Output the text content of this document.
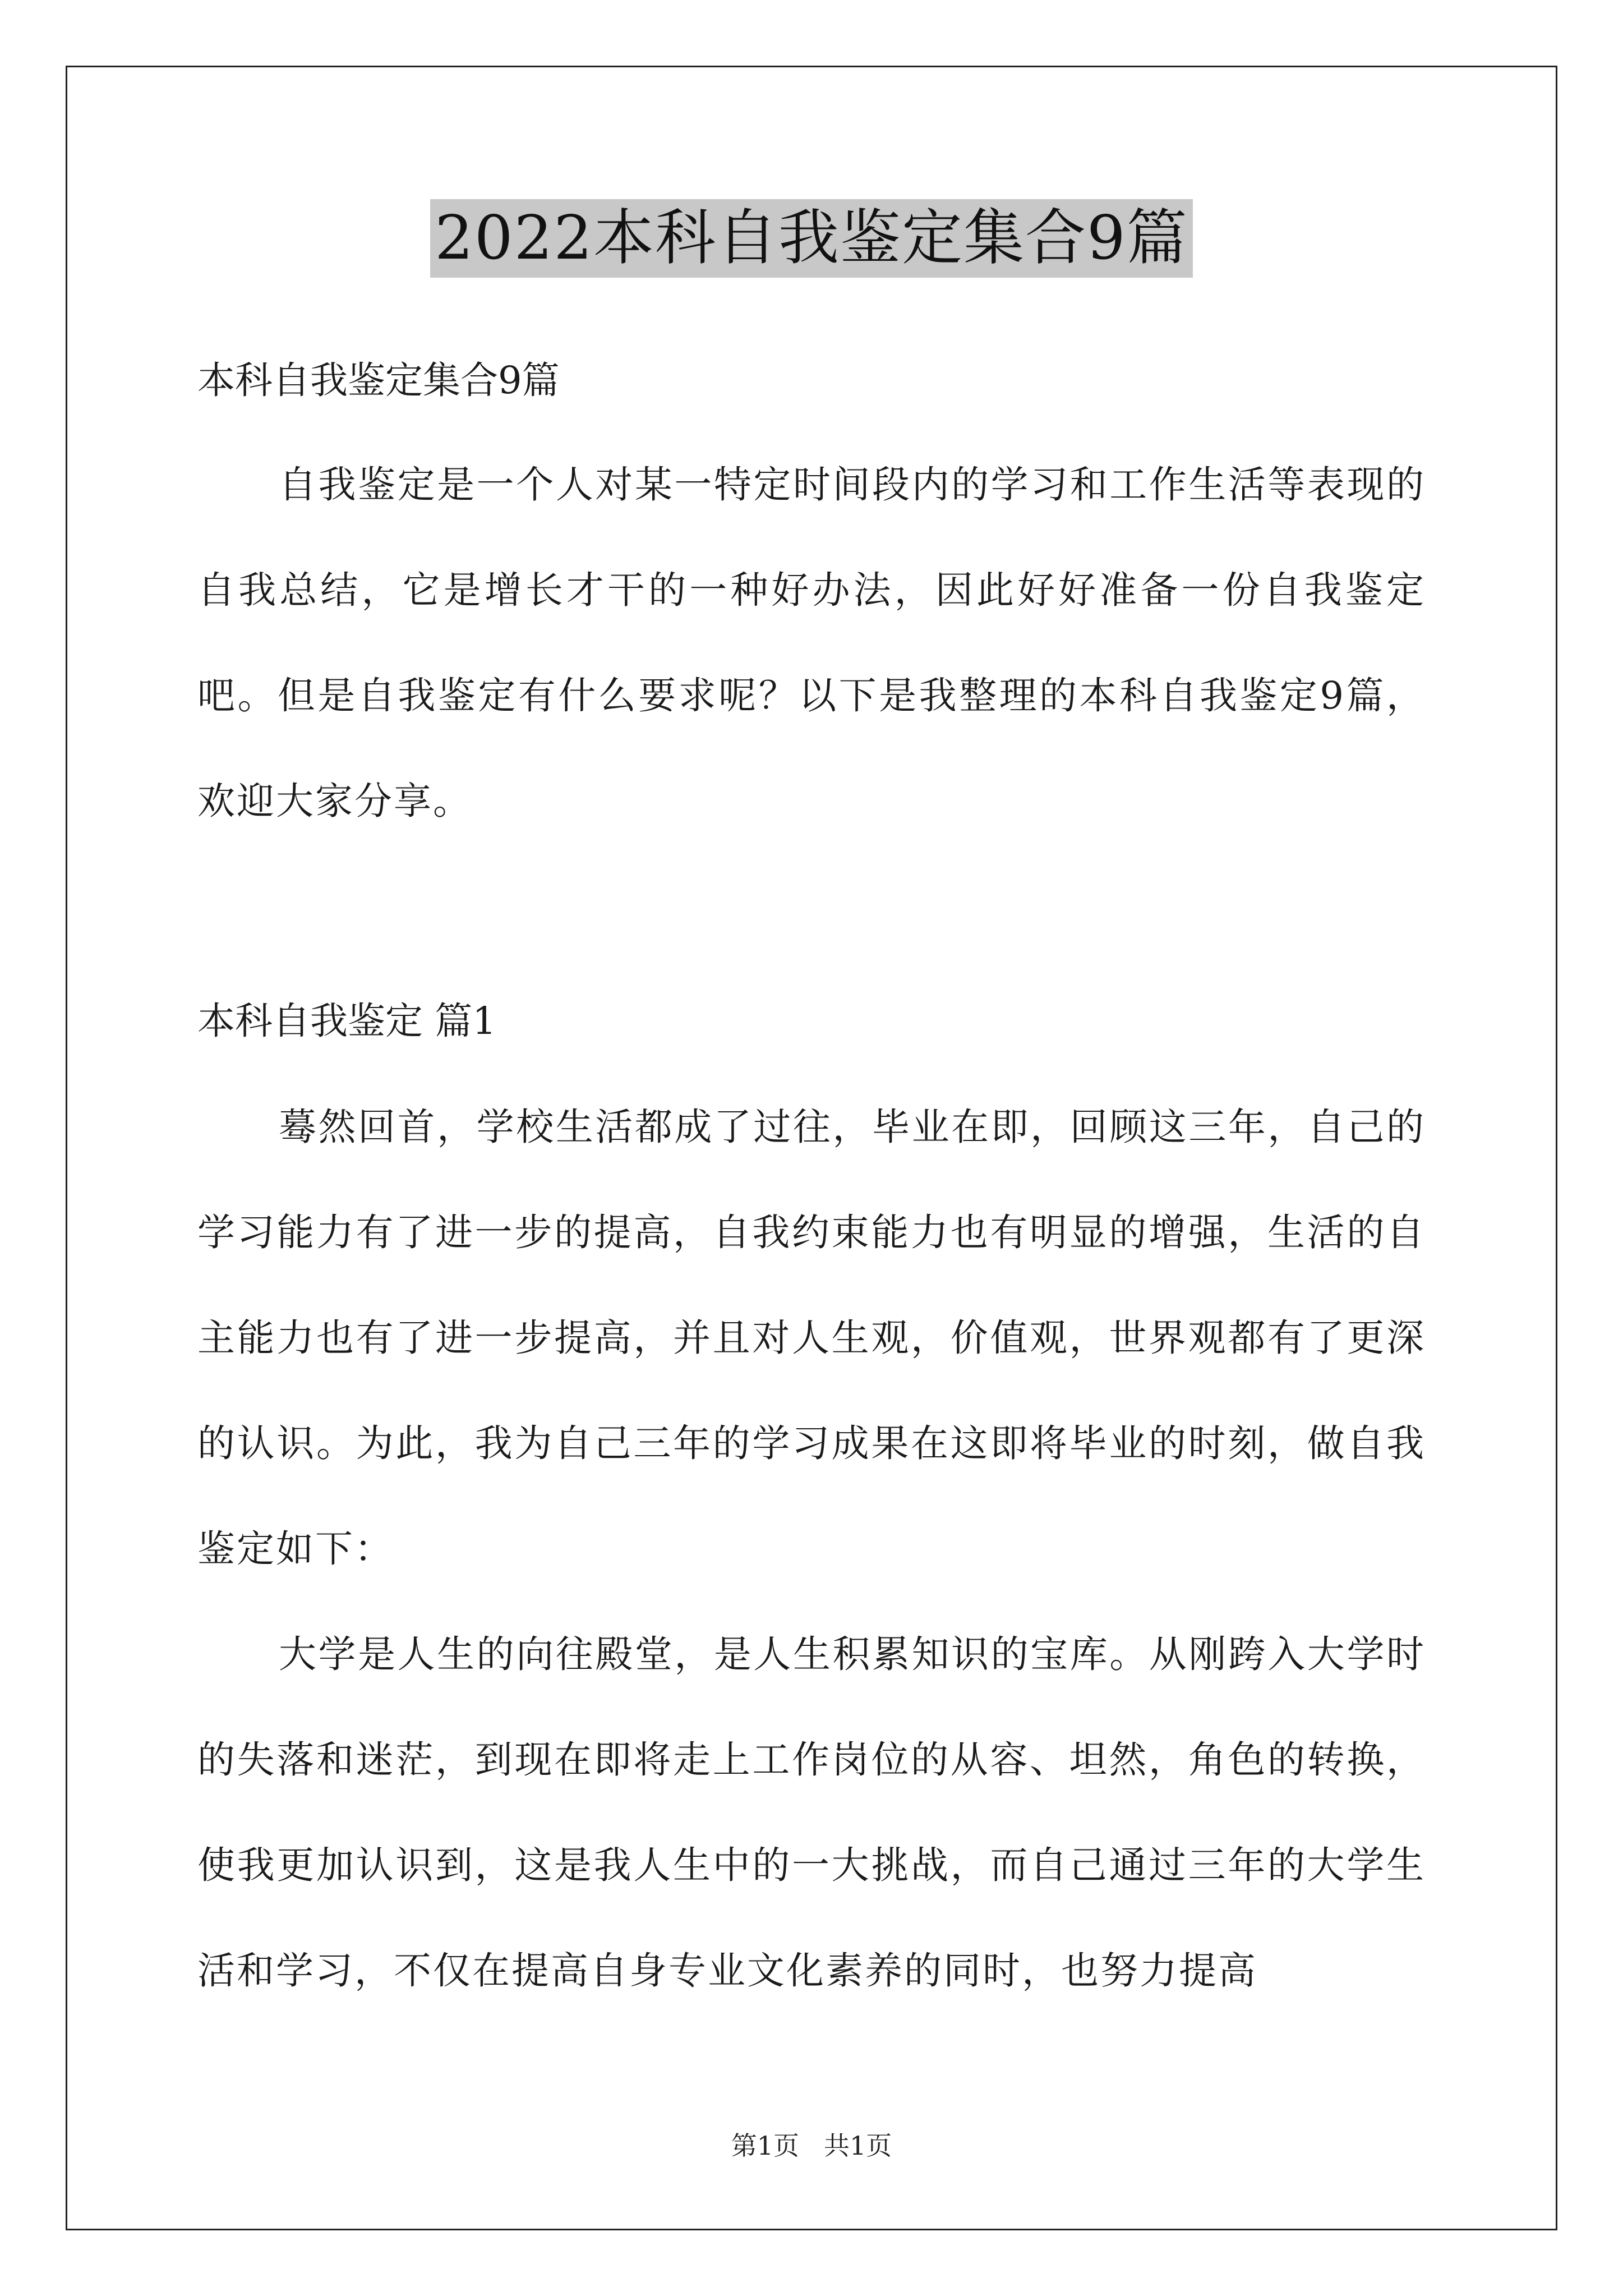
2022本科自我鉴定集合9篇

本科自我鉴定集合9篇

自我鉴定是一个人对某一特定时间段内的学习和工作生活等表现的自我总结，它是增长才干的一种好办法，因此好好准备一份自我鉴定吧。但是自我鉴定有什么要求呢？以下是我整理的本科自我鉴定9篇，欢迎大家分享。

本科自我鉴定 篇1

蓦然回首，学校生活都成了过往，毕业在即，回顾这三年，自己的学习能力有了进一步的提高，自我约束能力也有明显的增强，生活的自主能力也有了进一步提高，并且对人生观，价值观，世界观都有了更深的认识。为此，我为自己三年的学习成果在这即将毕业的时刻，做自我鉴定如下：

大学是人生的向往殿堂，是人生积累知识的宝库。从刚跨入大学时的失落和迷茫，到现在即将走上工作岗位的从容、坦然，角色的转换，使我更加认识到，这是我人生中的一大挑战，而自己通过三年的大学生活和学习，不仅在提高自身专业文化素养的同时，也努力提高

第1页 共1页
